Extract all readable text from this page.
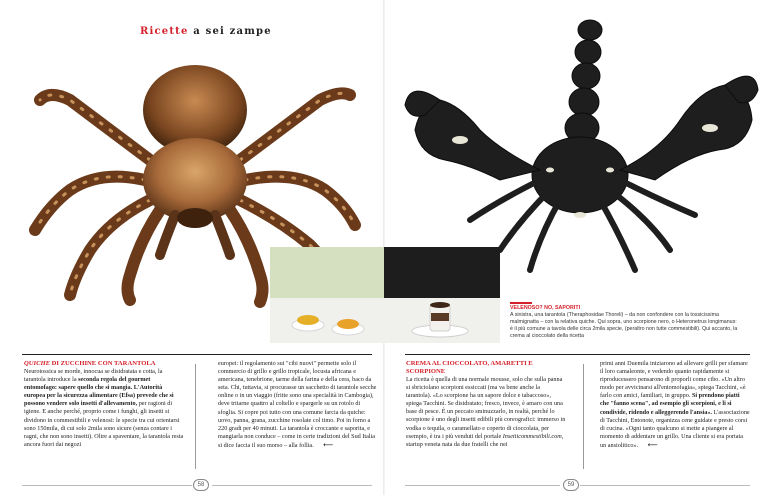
Ricette a sei zampe
VELENOSO? NO, SAPORITI
A sinistra, una tarantola (Theraphosidae Thoreli) – da non confondere con la tossicissima malmignatta – con la relativa quiche. Qui sopra, uno scorpione nero, o Heteronetrus longimanus: è il più comune a tavola delle circa 2mila specie, (peraltro non tutte commestibili). Qui accanto, la crema al cioccolato della ricetta
QUICHE DI ZUCCHINE CON TARANTOLA

Neurotossica se morde, innocua se disidratata e cotta, la tarantola introduce la seconda regola del gourmet entomofago: sapere quello che si mangia. L'Autorità europea per la sicurezza alimentare (Efsa) prevede che si possono vendere solo insetti d'allevamento, per ragioni di igiene. E anche perché, proprio come i funghi, gli insetti si dividono in commestibili e velenosi: le specie tra cui orientarsi sono 150mila, di cui solo 2mila sono sicure (senza contare i ragni, che non sono insetti). Oltre a spaventare, la tarantola resta ancora fuori dai negozi

europei: il regolamento sui "cibi nuovi" permette solo il commercio di grillo e grillo tropicale, locusta africana e americana, tenebrione, tarme della farina e della cera, baco da seta. Chi, tuttavia, si procurasse un sacchetto di tarantole secche online o in un viaggio (fritte sono una specialità in Cambogia), deve tritarne quattro al coltello e spargerle su un rotolo di sfoglia. Si copre poi tutto con una comune farcia da quiche: uovo, panna, grana, zucchine rosolate col timo. Poi in forno a 220 gradi per 40 minuti. La tarantola è croccante e saporita, e mangiarla non conduce – come in certe tradizioni del Sud Italia si dice faccia il suo morso – alla follia. ⟵

CREMA AL CIOCCOLATO, AMARETTI E SCORPIONE

La ricetta è quella di una normale mousse, solo che sulla panna si sbriciolano scorpioni essiccati (ma va bene anche la tarantola). «Lo scorpione ha un sapore dolce e tabaccoso», spiega Tacchini. Se disidratato; fresco, invece, è amaro con una base di pesce. È un peccato sminuzzarlo, in realtà, perché lo scorpione è uno degli insetti edibili più coreografici: immerso in vodka o tequila, o caramellato e coperto di cioccolata, per esempio, è tra i più venduti del portale Insetticommestibili.com, startup veneta nata da due fratelli che nei

primi anni Duemila iniziarono ad allevare grilli per sfamare il loro camaleonte, e vedendo quanto rapidamente si riproducessero pensarono di proporli come cibo. «Un altro modo per avvicinarsi all'entomofagia», spiega Tacchini, «è farlo con amici, familiari, in gruppo. Si prendono piatti che "fanno scena", ad esempio gli scorpioni, e li si condivide, ridendo e alleggerendo l'ansia». L'associazione di Tacchini, Entonote, organizza cene guidate e presto corsi di cucina. «Ogni tanto qualcuno si mette a piangere al momento di addentare un grillo. Una cliente si era portata un ansiolitico». ⟵

58	59
